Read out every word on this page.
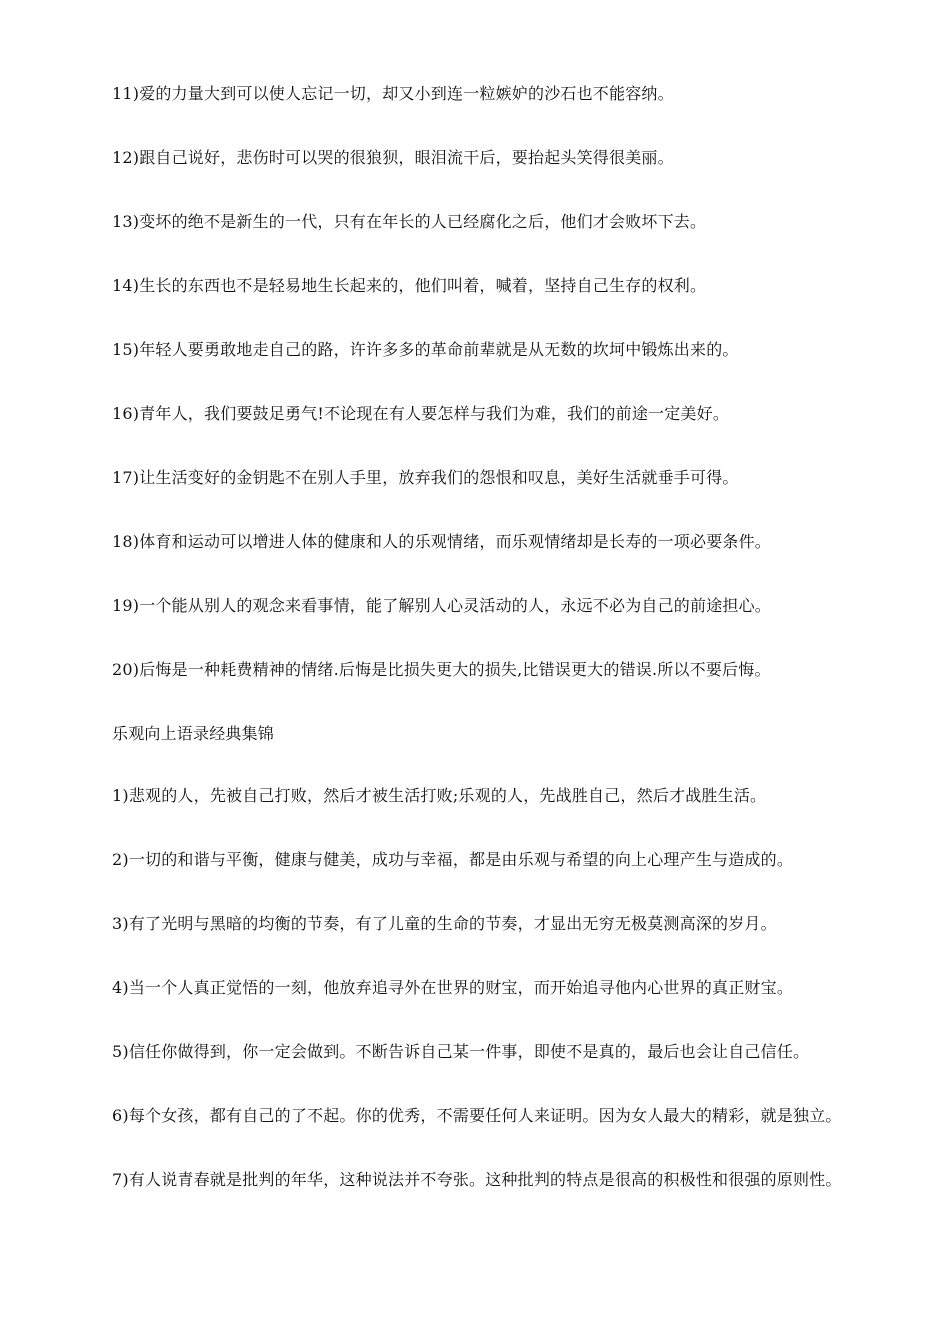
11)爱的力量大到可以使人忘记一切，却又小到连一粒嫉妒的沙石也不能容纳。

12)跟自己说好，悲伤时可以哭的很狼狈，眼泪流干后，要抬起头笑得很美丽。

13)变坏的绝不是新生的一代，只有在年长的人已经腐化之后，他们才会败坏下去。

14)生长的东西也不是轻易地生长起来的，他们叫着，喊着，坚持自己生存的权利。

15)年轻人要勇敢地走自己的路，许许多多的革命前辈就是从无数的坎坷中锻炼出来的。

16)青年人，我们要鼓足勇气!不论现在有人要怎样与我们为难，我们的前途一定美好。

17)让生活变好的金钥匙不在别人手里，放弃我们的怨恨和叹息，美好生活就垂手可得。

18)体育和运动可以增进人体的健康和人的乐观情绪，而乐观情绪却是长寿的一项必要条件。

19)一个能从别人的观念来看事情，能了解别人心灵活动的人，永远不必为自己的前途担心。

20)后悔是一种耗费精神的情绪.后悔是比损失更大的损失,比错误更大的错误.所以不要后悔。

乐观向上语录经典集锦

1)悲观的人，先被自己打败，然后才被生活打败;乐观的人，先战胜自己，然后才战胜生活。

2)一切的和谐与平衡，健康与健美，成功与幸福，都是由乐观与希望的向上心理产生与造成的。

3)有了光明与黑暗的均衡的节奏，有了儿童的生命的节奏，才显出无穷无极莫测高深的岁月。

4)当一个人真正觉悟的一刻，他放弃追寻外在世界的财宝，而开始追寻他内心世界的真正财宝。

5)信任你做得到，你一定会做到。不断告诉自己某一件事，即使不是真的，最后也会让自己信任。

6)每个女孩，都有自己的了不起。你的优秀，不需要任何人来证明。因为女人最大的精彩，就是独立。

7)有人说青春就是批判的年华，这种说法并不夸张。这种批判的特点是很高的积极性和很强的原则性。
